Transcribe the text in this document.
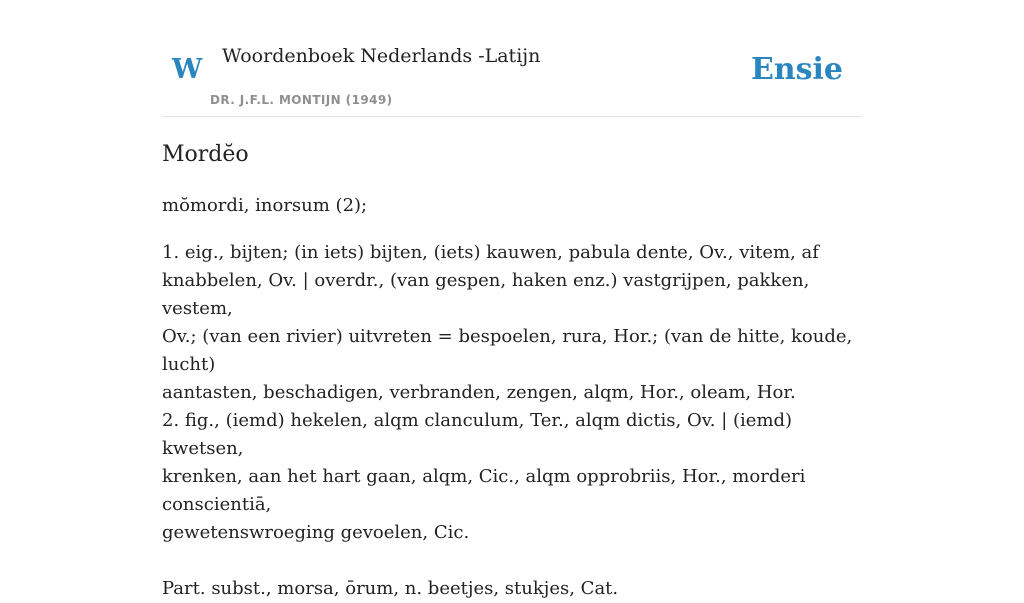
W Woordenboek Nederlands -Latijn
DR. J.F.L. MONTIJN (1949)
Ensie
Mordĕo

mŏmordi, inorsum (2);

1. eig., bijten; (in iets) bijten, (iets) kauwen, pabula dente, Ov., vitem, af
knabbelen, Ov. | overdr., (van gespen, haken enz.) vastgrijpen, pakken, vestem,
Ov.; (van een rivier) uitvreten = bespoelen, rura, Hor.; (van de hitte, koude, lucht)
aantasten, beschadigen, verbranden, zengen, alqm, Hor., oleam, Hor.
2. fig., (iemd) hekelen, alqm clanculum, Ter., alqm dictis, Ov. | (iemd) kwetsen,
krenken, aan het hart gaan, alqm, Cic., alqm opprobriis, Hor., morderi conscientiā,
gewetenswroeging gevoelen, Cic.

Part. subst., morsa, ōrum, n. beetjes, stukjes, Cat.
